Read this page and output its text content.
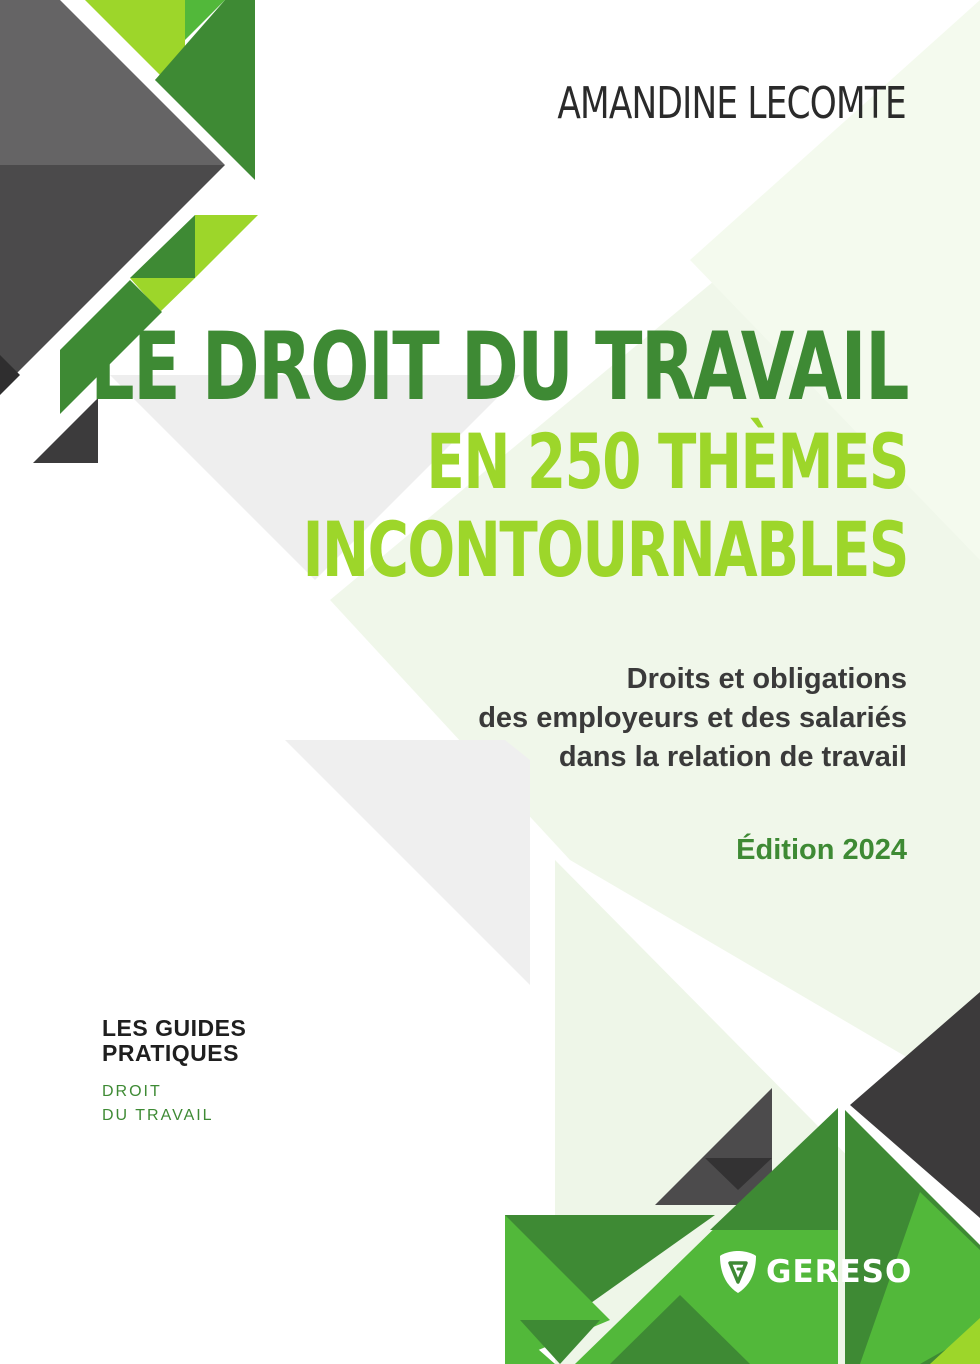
AMANDINE LECOMTE
LE DROIT DU TRAVAIL
EN 250 THÈMES
INCONTOURNABLES
Droits et obligations
des employeurs et des salariés
dans la relation de travail
Édition 2024
LES GUIDES
PRATIQUES
DROIT
DU TRAVAIL
GERESO
